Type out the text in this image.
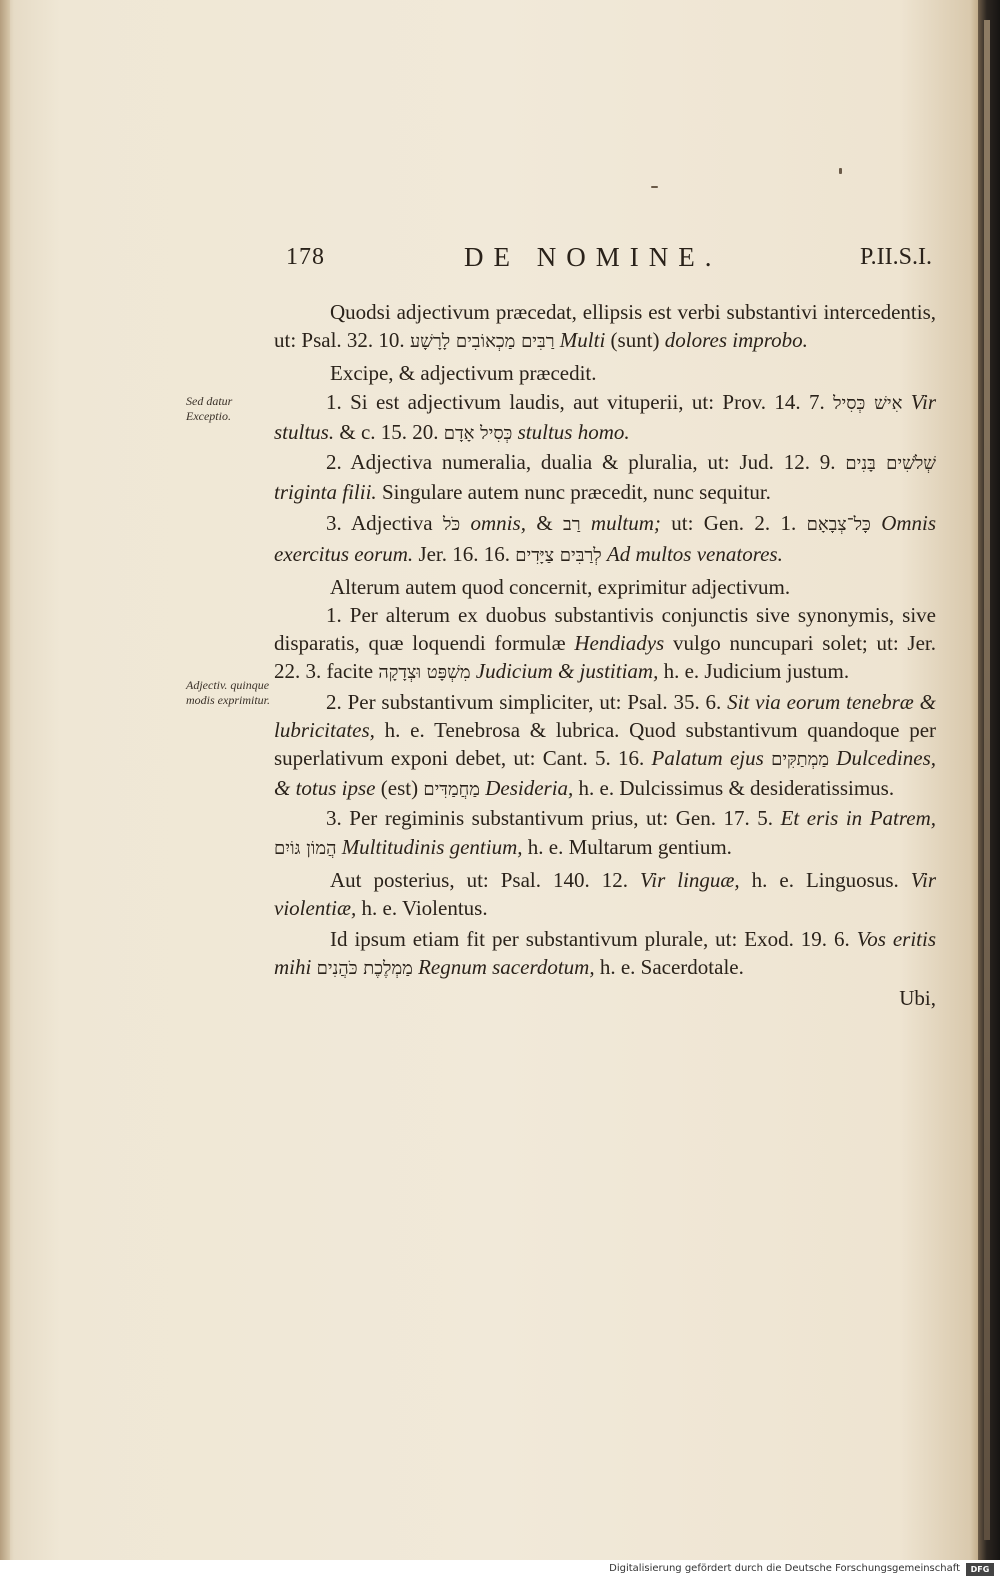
178	DE NOMINE.	P.II.S.I.
Sed datur Exceptio.
Adjectiv. quinque modis exprimitur.

Quodsi adjectivum præcedat, ellipsis est verbi substantivi intercedentis, ut: Psal. 32. 10. רַבִּים מַכְאוֹבִים לָרָשָׁע Multi (sunt) dolores improbo.

Excipe, & adjectivum præcedit.

1. Si est adjectivum laudis, aut vituperii, ut: Prov. 14. 7. אִישׁ כְּסִיל Vir stultus. & c. 15. 20. כְּסִיל אָדָם stultus homo.

2. Adjectiva numeralia, dualia & pluralia, ut: Jud. 12. 9. שְׁלֹשִׁים בָּנִים triginta filii. Singulare autem nunc præcedit, nunc sequitur.

3. Adjectiva כֹּל omnis, & רַב multum; ut: Gen. 2. 1. כָּל־צְבָאָם Omnis exercitus eorum. Jer. 16. 16. לְרַבִּים צַיָּדִים Ad multos venatores.

Alterum autem quod concernit, exprimitur adjectivum.

1. Per alterum ex duobus substantivis conjunctis sive synonymis, sive disparatis, quæ loquendi formulæ Hendiadys vulgo nuncupari solet; ut: Jer. 22. 3. facite מִשְׁפָּט וּצְדָקָה Judicium & justitiam, h. e. Judicium justum.

2. Per substantivum simpliciter, ut: Psal. 35. 6. Sit via eorum tenebræ & lubricitates, h. e. Tenebrosa & lubrica. Quod substantivum quandoque per superlativum exponi debet, ut: Cant. 5. 16. Palatum ejus מַמְתַקִּים Dulcedines, & totus ipse (est) מַחֲמַדִּים Desideria, h. e. Dulcissimus & desideratissimus.

3. Per regiminis substantivum prius, ut: Gen. 17. 5. Et eris in Patrem, הֲמוֹן גּוֹיִם Multitudinis gentium, h. e. Multarum gentium.

Aut posterius, ut: Psal. 140. 12. Vir linguæ, h. e. Linguosus. Vir violentiæ, h. e. Violentus.

Id ipsum etiam fit per substantivum plurale, ut: Exod. 19. 6. Vos eritis mihi מַמְלֶכֶת כֹּהֲנִים Regnum sacerdotum, h. e. Sacerdotale.

Ubi,

Digitalisierung gefördert durch die Deutsche Forschungsgemeinschaft	DFG
